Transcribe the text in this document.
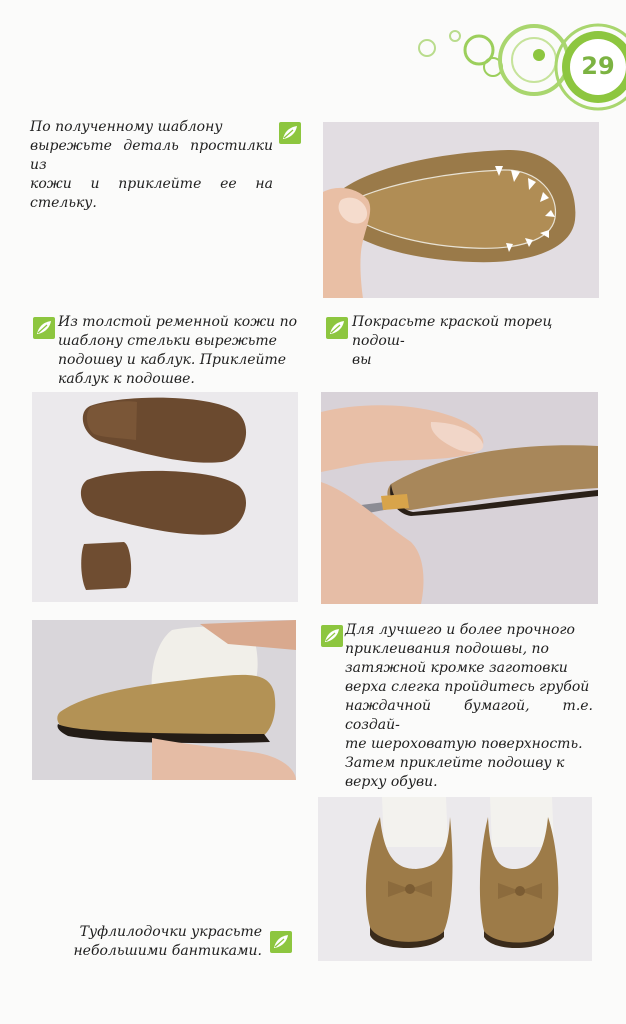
29
По полученному шаблону
вырежьте деталь простилки из
кожи и приклейте ее на стельку.
Из толстой ременной кожи по
шаблону стельки вырежьте
подошву и каблук. Приклейте
каблук к подошве.
Покрасьте краской торец подош-
вы
Для лучшего и более прочного
приклеивания подошвы, по
затяжной кромке заготовки
верха слегка пройдитесь грубой
наждачной бумагой, т.е. создай-
те шероховатую поверхность.
Затем приклейте подошву к
верху обуви.
Туфлилодочки украсьте
небольшими бантиками.
